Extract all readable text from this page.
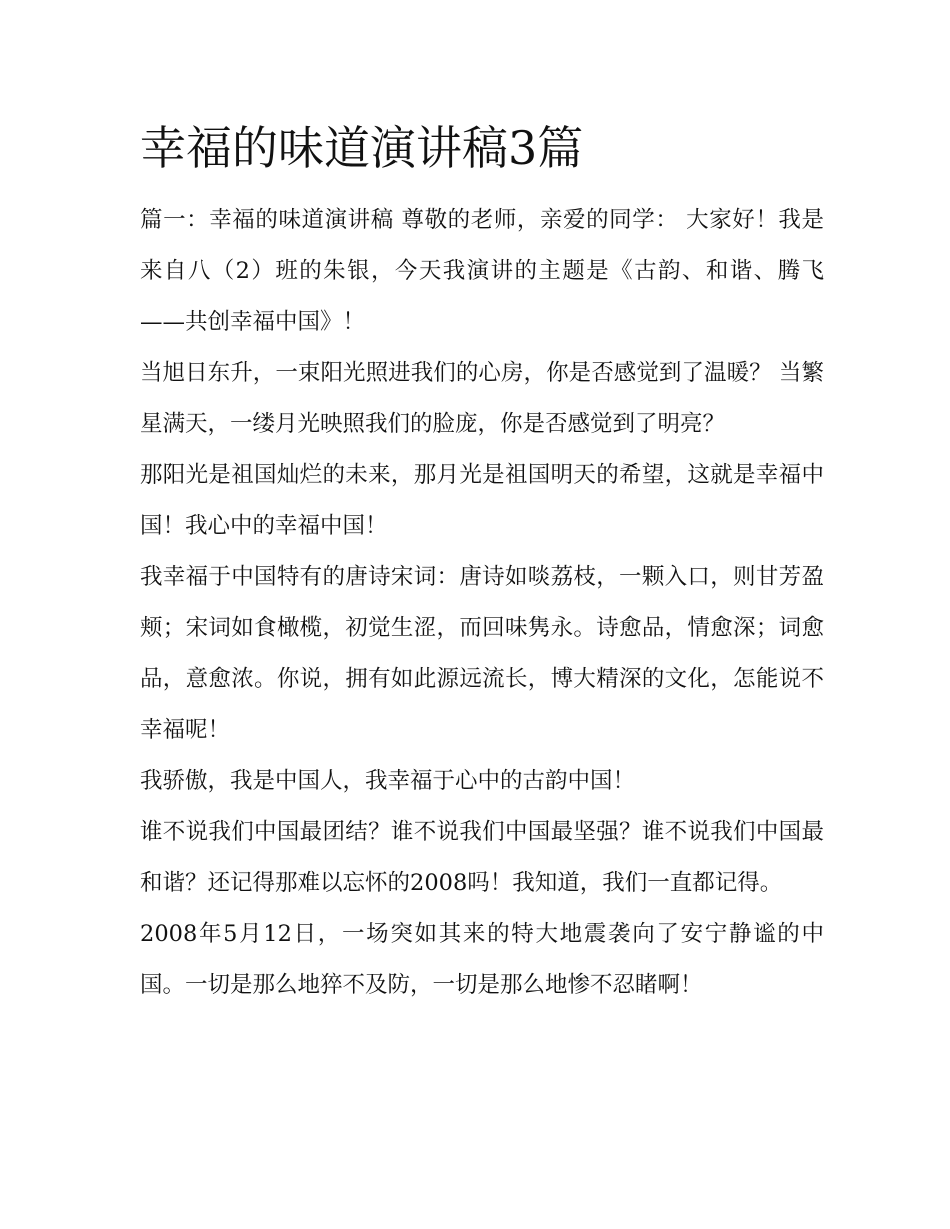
幸福的味道演讲稿3篇

篇一：幸福的味道演讲稿 尊敬的老师，亲爱的同学： 大家好！我是来自八（2）班的朱银，今天我演讲的主题是《古韵、和谐、腾飞——共创幸福中国》！

当旭日东升，一束阳光照进我们的心房，你是否感觉到了温暖？ 当繁星满天，一缕月光映照我们的脸庞，你是否感觉到了明亮？

那阳光是祖国灿烂的未来，那月光是祖国明天的希望，这就是幸福中国！我心中的幸福中国！

我幸福于中国特有的唐诗宋词：唐诗如啖荔枝，一颗入口，则甘芳盈颊；宋词如食橄榄，初觉生涩，而回味隽永。诗愈品，情愈深；词愈品，意愈浓。你说，拥有如此源远流长，博大精深的文化，怎能说不幸福呢！

我骄傲，我是中国人，我幸福于心中的古韵中国！

谁不说我们中国最团结？谁不说我们中国最坚强？谁不说我们中国最和谐？还记得那难以忘怀的2008吗！我知道，我们一直都记得。

2008年5月12日，一场突如其来的特大地震袭向了安宁静谧的中国。一切是那么地猝不及防，一切是那么地惨不忍睹啊！
